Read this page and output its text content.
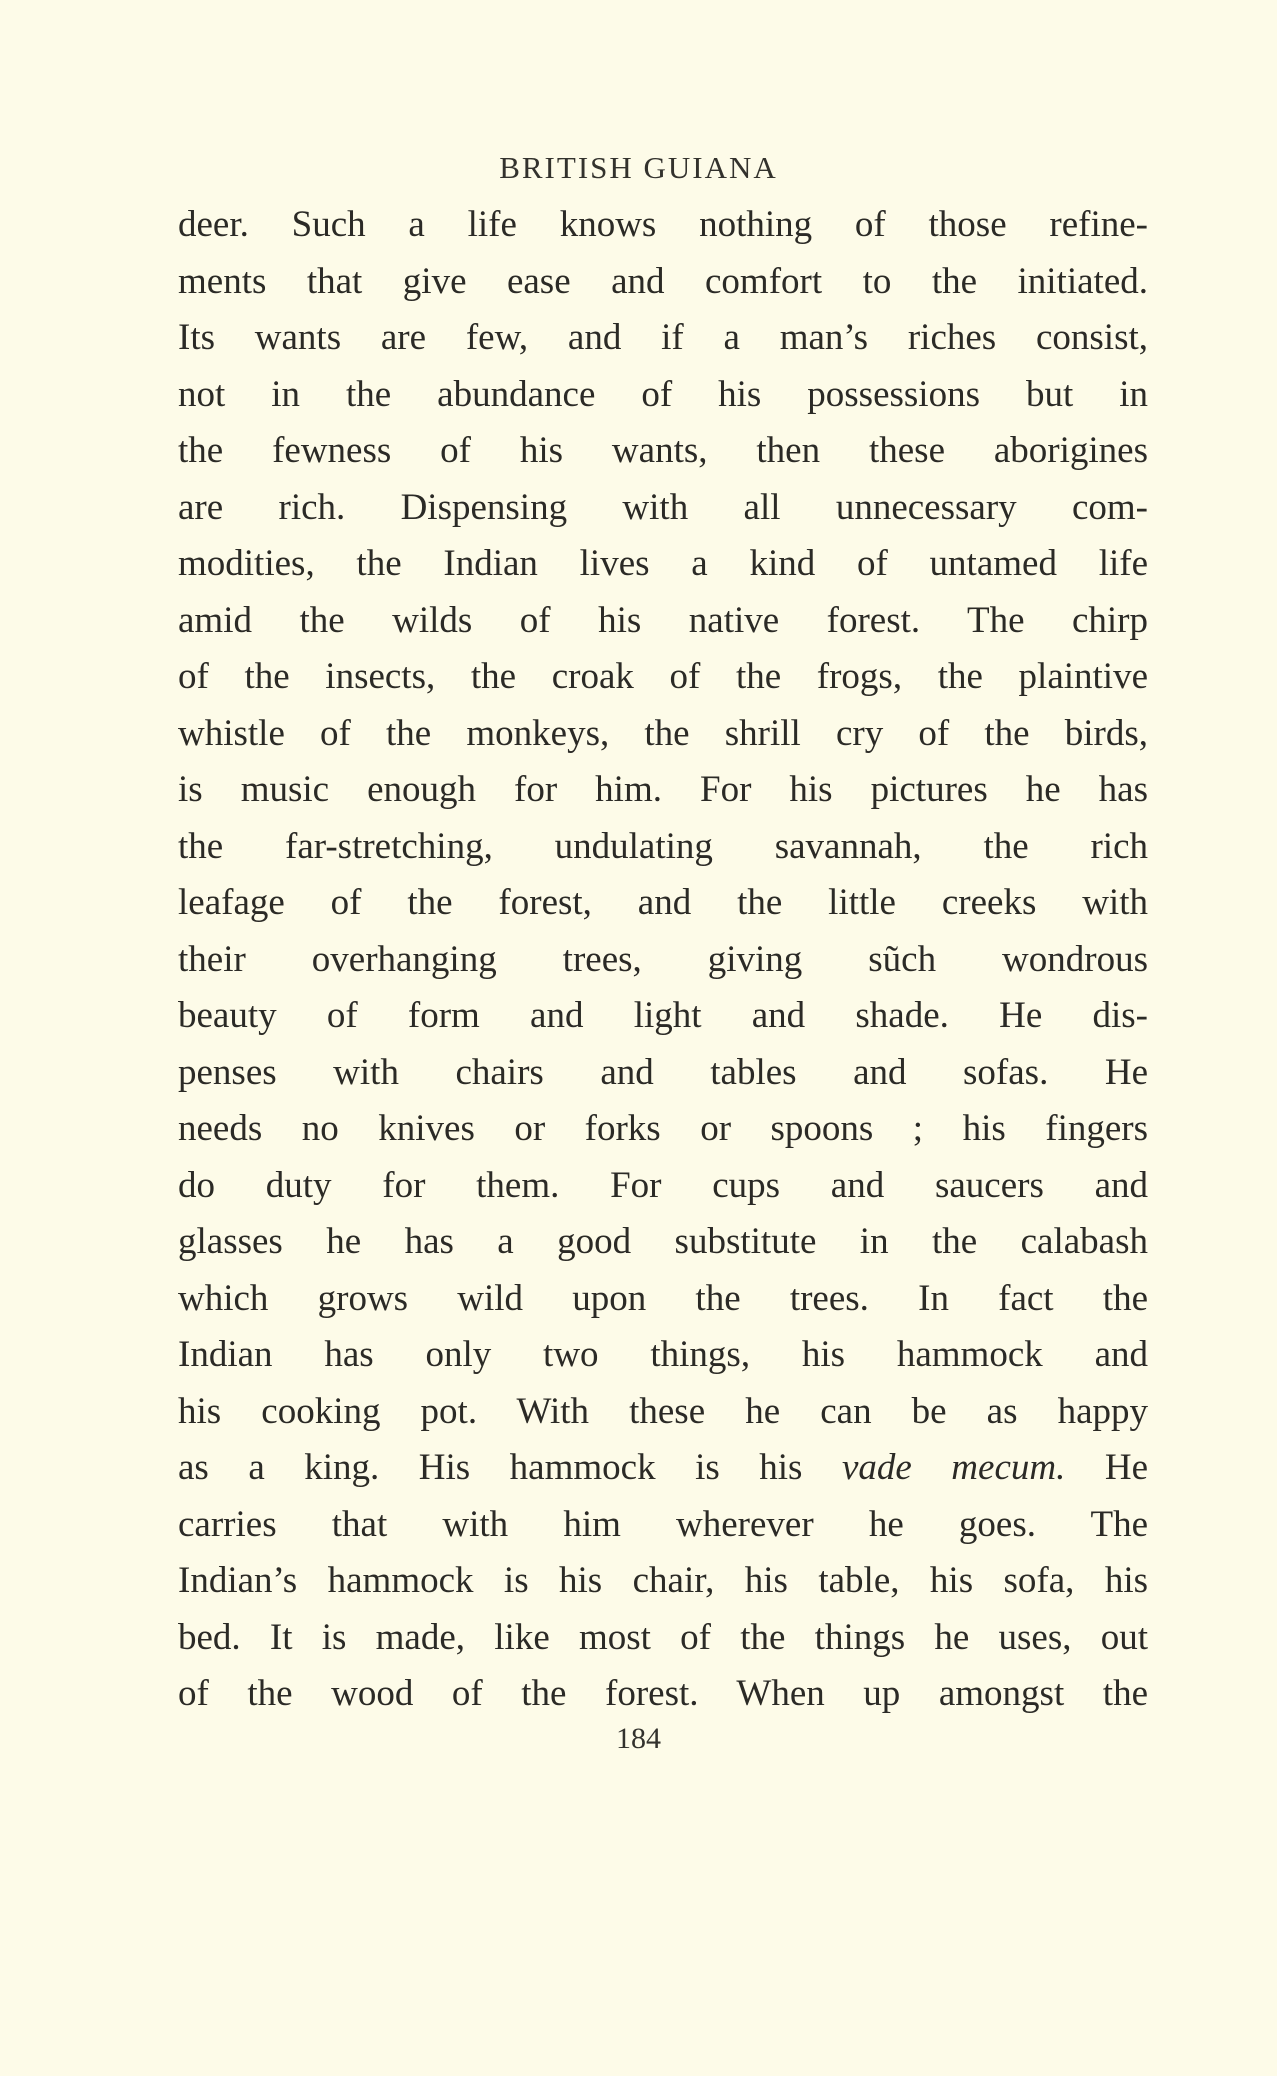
BRITISH GUIANA
deer. Such a life knows nothing of those refine-
ments that give ease and comfort to the initiated.
Its wants are few, and if a man’s riches consist,
not in the abundance of his possessions but in
the fewness of his wants, then these aborigines
are rich. Dispensing with all unnecessary com-
modities, the Indian lives a kind of untamed life
amid the wilds of his native forest. The chirp
of the insects, the croak of the frogs, the plaintive
whistle of the monkeys, the shrill cry of the birds,
is music enough for him. For his pictures he has
the far-stretching, undulating savannah, the rich
leafage of the forest, and the little creeks with
their overhanging trees, giving sũch wondrous
beauty of form and light and shade. He dis-
penses with chairs and tables and sofas. He
needs no knives or forks or spoons ; his fingers
do duty for them. For cups and saucers and
glasses he has a good substitute in the calabash
which grows wild upon the trees. In fact the
Indian has only two things, his hammock and
his cooking pot. With these he can be as happy
as a king. His hammock is his vade mecum. He
carries that with him wherever he goes. The
Indian’s hammock is his chair, his table, his sofa, his
bed. It is made, like most of the things he uses, out
of the wood of the forest. When up amongst the
184
